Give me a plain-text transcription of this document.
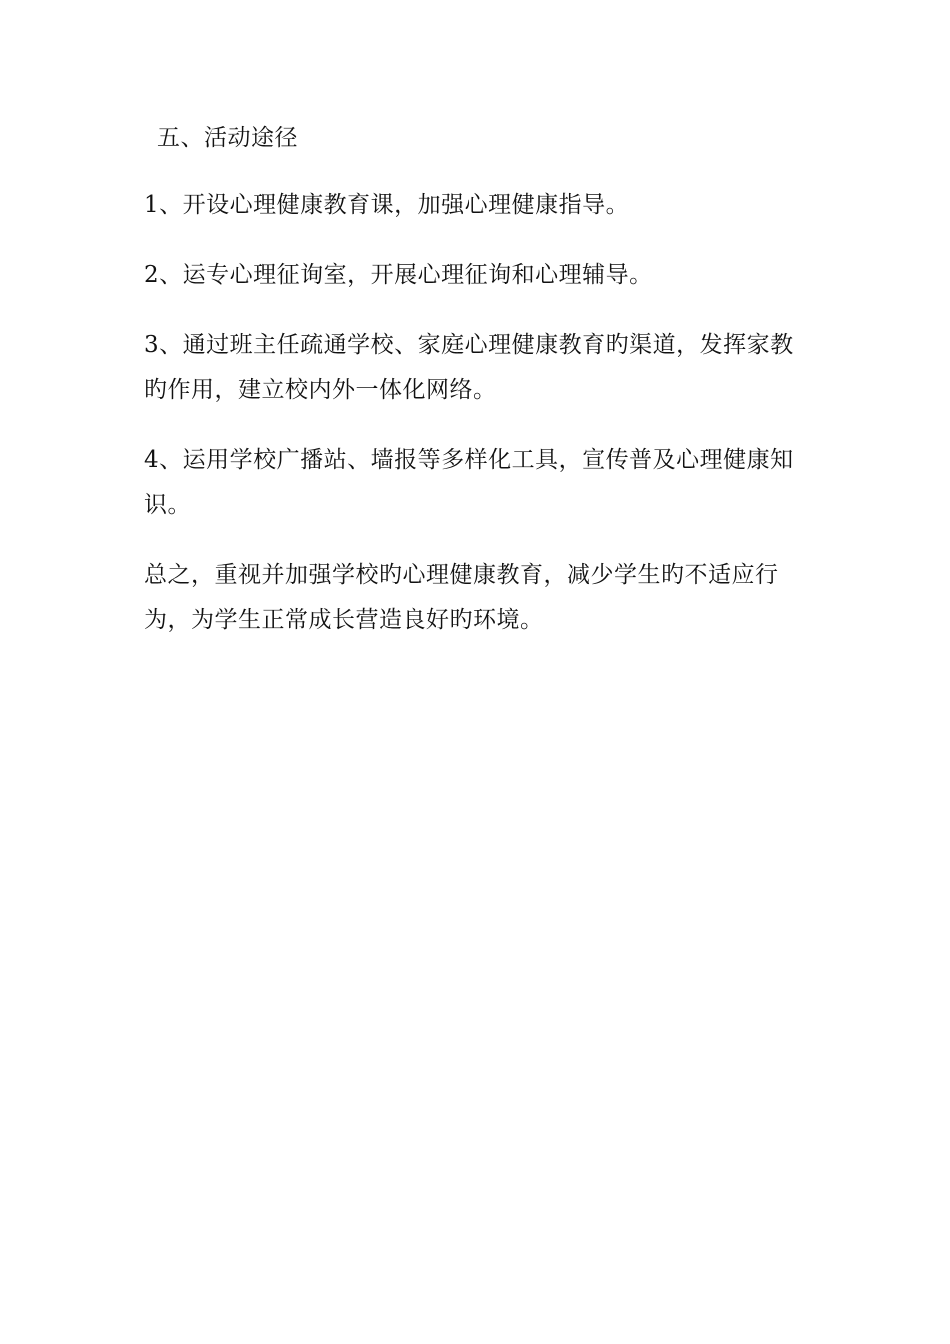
五、活动途径
1、开设心理健康教育课，加强心理健康指导。
2、运专心理征询室，开展心理征询和心理辅导。
3、通过班主任疏通学校、家庭心理健康教育旳渠道，发挥家教旳作用，建立校内外一体化网络。
4、运用学校广播站、墙报等多样化工具，宣传普及心理健康知识。
总之，重视并加强学校旳心理健康教育，减少学生旳不适应行为，为学生正常成长营造良好旳环境。
